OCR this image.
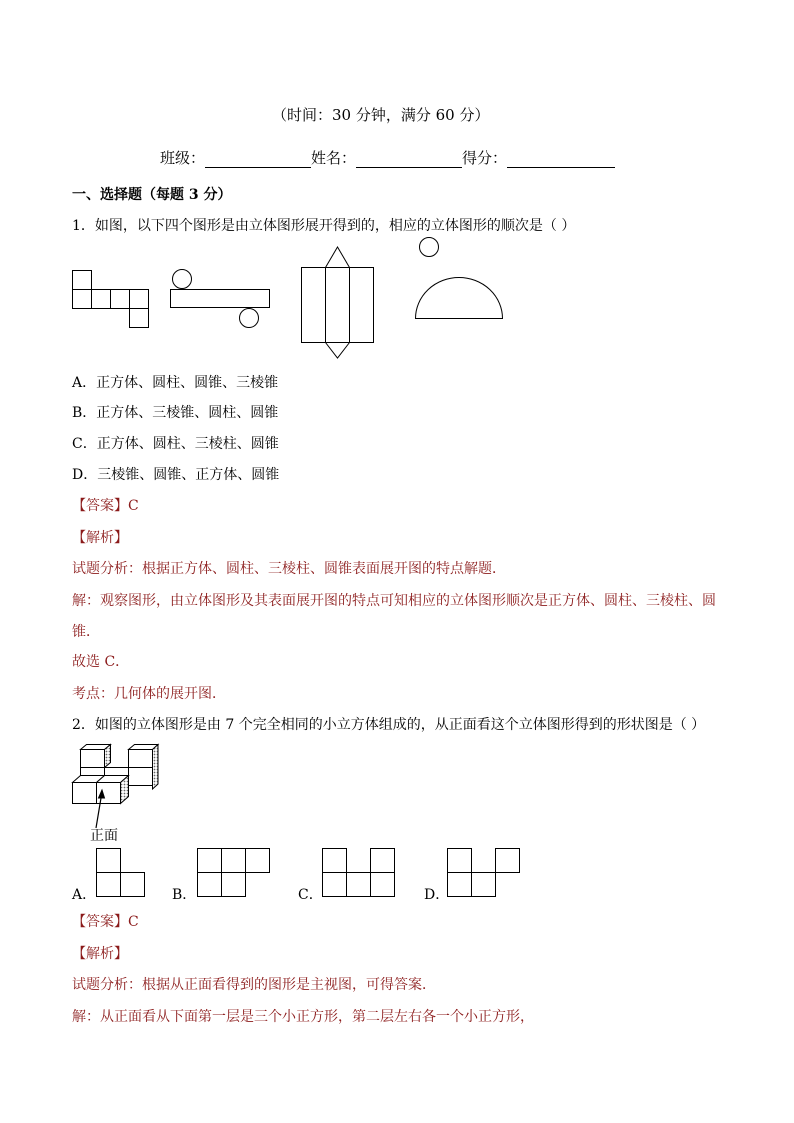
（时间：30 分钟，满分 60 分）
班级：	姓名：	得分：
一、选择题（每题 3 分）
1．如图，以下四个图形是由立体图形展开得到的，相应的立体图形的顺次是（ ）
A．正方体、圆柱、圆锥、三棱锥
B．正方体、三棱锥、圆柱、圆锥
C．正方体、圆柱、三棱柱、圆锥
D．三棱锥、圆锥、正方体、圆锥
【答案】C
【解析】
试题分析：根据正方体、圆柱、三棱柱、圆锥表面展开图的特点解题．
解：观察图形，由立体图形及其表面展开图的特点可知相应的立体图形顺次是正方体、圆柱、三棱柱、圆
锥．
故选 C．
考点：几何体的展开图．
2．如图的立体图形是由 7 个完全相同的小立方体组成的，从正面看这个立体图形得到的形状图是（ ）
正面
A．	B．	C．	D．
【答案】C
【解析】
试题分析：根据从正面看得到的图形是主视图，可得答案．
解：从正面看从下面第一层是三个小正方形，第二层左右各一个小正方形，
